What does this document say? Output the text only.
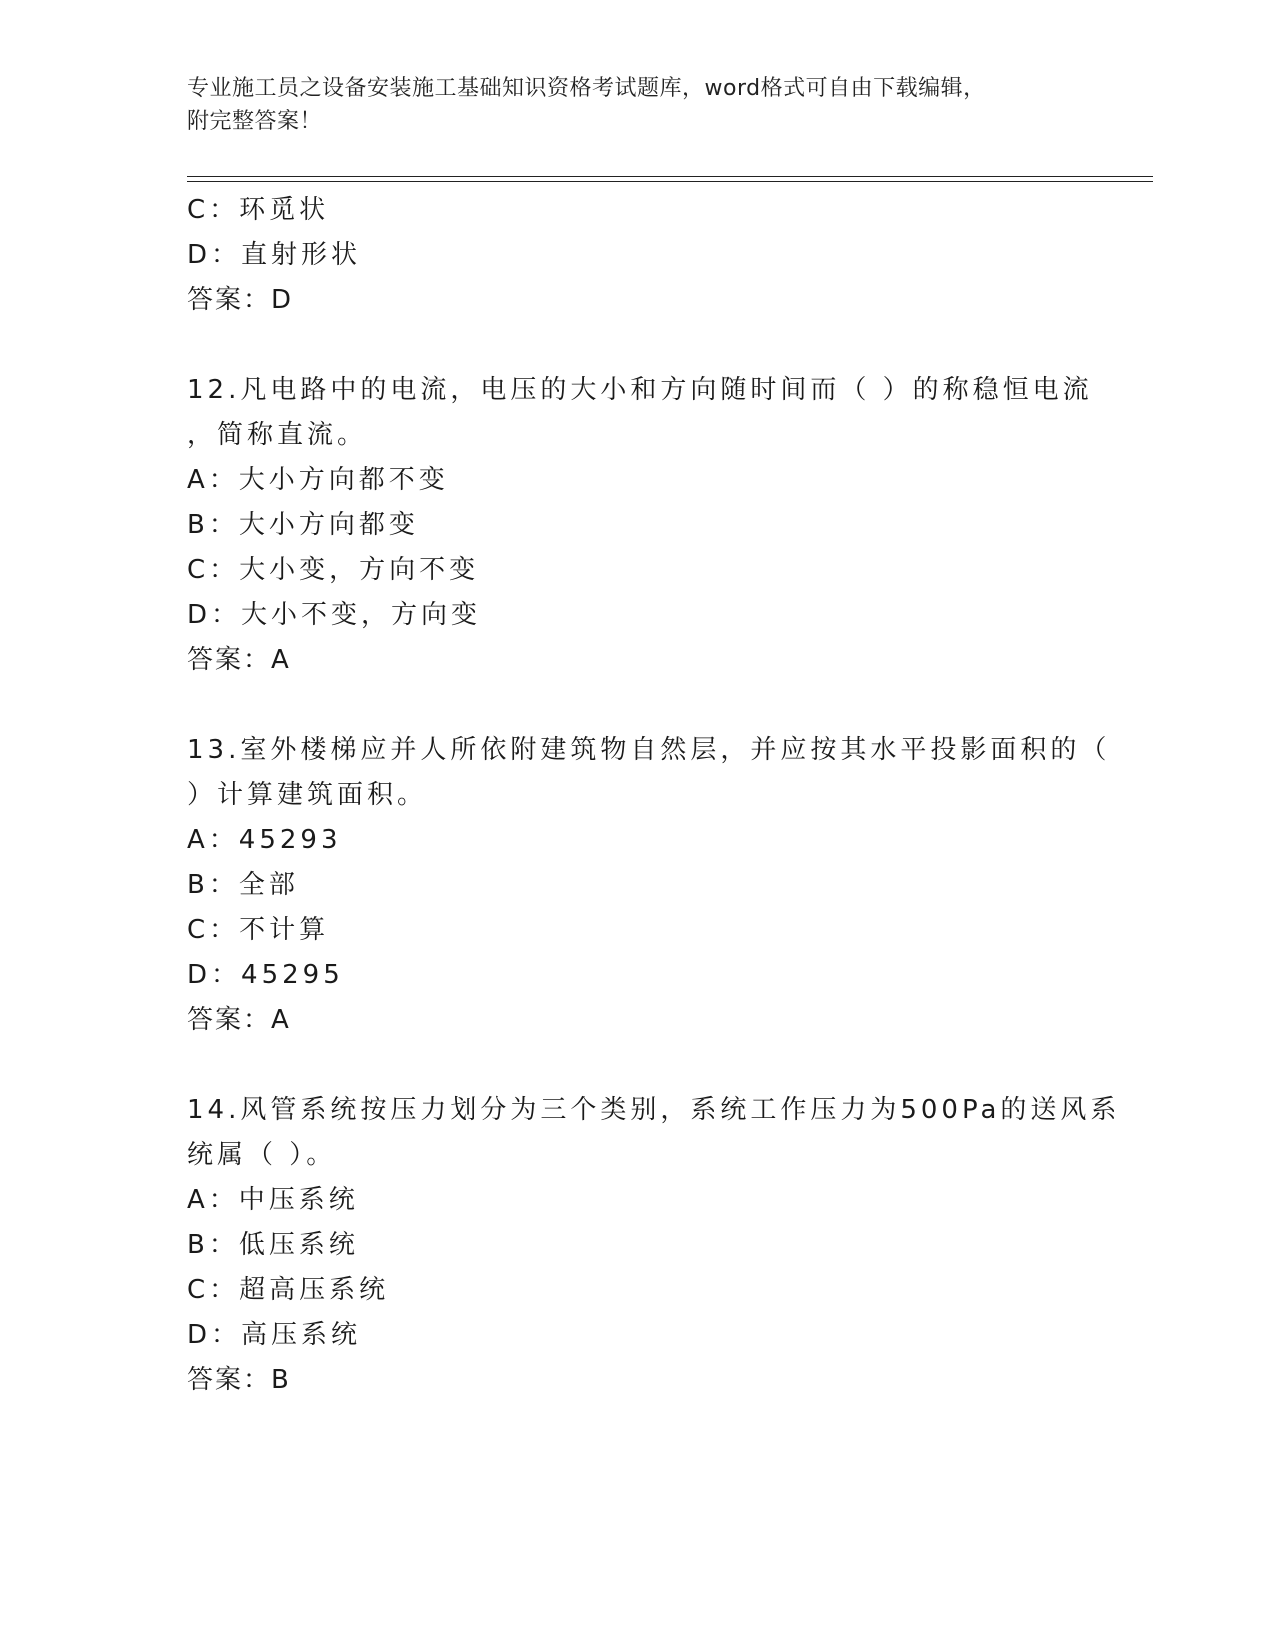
专业施工员之设备安装施工基础知识资格考试题库，word格式可自由下载编辑，
附完整答案！
C：环觅状
D：直射形状
答案：D
12.凡电路中的电流，电压的大小和方向随时间而（ ）的称稳恒电流
，简称直流。
A：大小方向都不变
B：大小方向都变
C：大小变，方向不变
D：大小不变，方向变
答案：A
13.室外楼梯应并人所依附建筑物自然层，并应按其水平投影面积的（
）计算建筑面积。
A：45293
B：全部
C：不计算
D：45295
答案：A
14.风管系统按压力划分为三个类别，系统工作压力为500Pa的送风系
统属（ ）。
A：中压系统
B：低压系统
C：超高压系统
D：高压系统
答案：B
